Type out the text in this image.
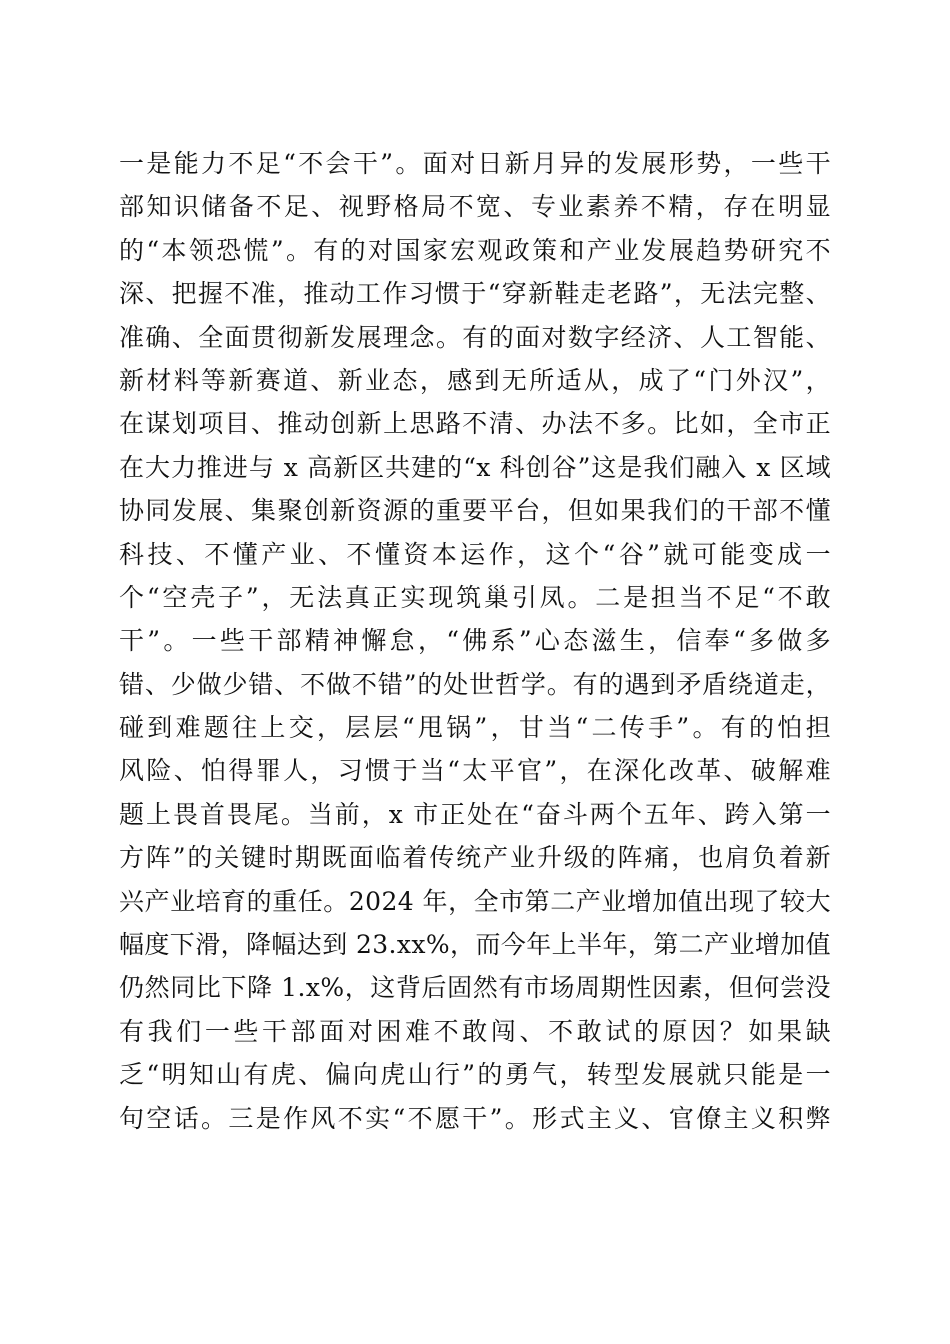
一是能力不足“不会干”。面对日新月异的发展形势，一些干
部知识储备不足、视野格局不宽、专业素养不精，存在明显
的“本领恐慌”。有的对国家宏观政策和产业发展趋势研究不
深、把握不准，推动工作习惯于“穿新鞋走老路”，无法完整、
准确、全面贯彻新发展理念。有的面对数字经济、人工智能、
新材料等新赛道、新业态，感到无所适从，成了“门外汉”，
在谋划项目、推动创新上思路不清、办法不多。比如，全市正
在大力推进与 x 高新区共建的“x 科创谷”这是我们融入 x 区域
协同发展、集聚创新资源的重要平台，但如果我们的干部不懂
科技、不懂产业、不懂资本运作，这个“谷”就可能变成一
个“空壳子”，无法真正实现筑巢引凤。二是担当不足“不敢
干”。一些干部精神懈怠，“佛系”心态滋生，信奉“多做多
错、少做少错、不做不错”的处世哲学。有的遇到矛盾绕道走，
碰到难题往上交，层层“甩锅”，甘当“二传手”。有的怕担
风险、怕得罪人，习惯于当“太平官”，在深化改革、破解难
题上畏首畏尾。当前，x 市正处在“奋斗两个五年、跨入第一
方阵”的关键时期既面临着传统产业升级的阵痛，也肩负着新
兴产业培育的重任。2024 年，全市第二产业增加值出现了较大
幅度下滑，降幅达到 23.xx%，而今年上半年，第二产业增加值
仍然同比下降 1.x%，这背后固然有市场周期性因素，但何尝没
有我们一些干部面对困难不敢闯、不敢试的原因？如果缺
乏“明知山有虎、偏向虎山行”的勇气，转型发展就只能是一
句空话。三是作风不实“不愿干”。形式主义、官僚主义积弊
